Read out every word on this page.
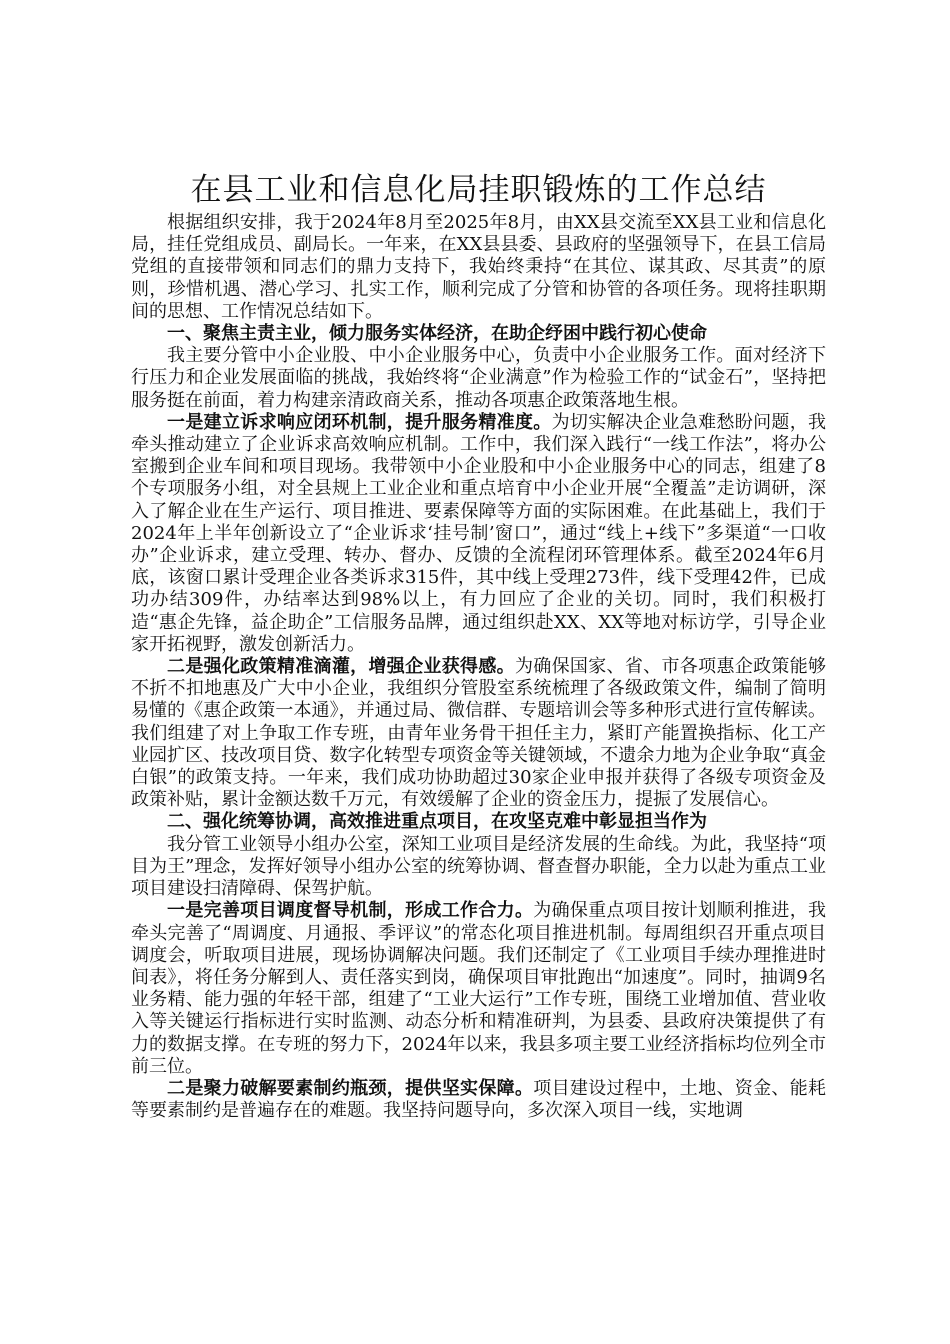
在县工业和信息化局挂职锻炼的工作总结

根据组织安排，我于2024年8月至2025年8月，由XX县交流至XX县工业和信息化局，挂任党组成员、副局长。一年来，在XX县县委、县政府的坚强领导下，在县工信局党组的直接带领和同志们的鼎力支持下，我始终秉持“在其位、谋其政、尽其责”的原则，珍惜机遇、潜心学习、扎实工作，顺利完成了分管和协管的各项任务。现将挂职期间的思想、工作情况总结如下。

一、聚焦主责主业，倾力服务实体经济，在助企纾困中践行初心使命

我主要分管中小企业股、中小企业服务中心，负责中小企业服务工作。面对经济下行压力和企业发展面临的挑战，我始终将“企业满意”作为检验工作的“试金石”，坚持把服务挺在前面，着力构建亲清政商关系，推动各项惠企政策落地生根。

一是建立诉求响应闭环机制，提升服务精准度。为切实解决企业急难愁盼问题，我牵头推动建立了企业诉求高效响应机制。工作中，我们深入践行“一线工作法”，将办公室搬到企业车间和项目现场。我带领中小企业股和中小企业服务中心的同志，组建了8个专项服务小组，对全县规上工业企业和重点培育中小企业开展“全覆盖”走访调研，深入了解企业在生产运行、项目推进、要素保障等方面的实际困难。在此基础上，我们于2024年上半年创新设立了“企业诉求‘挂号制’窗口”，通过“线上+线下”多渠道“一口收办”企业诉求，建立受理、转办、督办、反馈的全流程闭环管理体系。截至2024年6月底，该窗口累计受理企业各类诉求315件，其中线上受理273件，线下受理42件，已成功办结309件，办结率达到98%以上，有力回应了企业的关切。同时，我们积极打造“惠企先锋，益企助企”工信服务品牌，通过组织赴XX、XX等地对标访学，引导企业家开拓视野，激发创新活力。

二是强化政策精准滴灌，增强企业获得感。为确保国家、省、市各项惠企政策能够不折不扣地惠及广大中小企业，我组织分管股室系统梳理了各级政策文件，编制了简明易懂的《惠企政策一本通》，并通过局、微信群、专题培训会等多种形式进行宣传解读。我们组建了对上争取工作专班，由青年业务骨干担任主力，紧盯产能置换指标、化工产业园扩区、技改项目贷、数字化转型专项资金等关键领域，不遗余力地为企业争取“真金白银”的政策支持。一年来，我们成功协助超过30家企业申报并获得了各级专项资金及政策补贴，累计金额达数千万元，有效缓解了企业的资金压力，提振了发展信心。

二、强化统筹协调，高效推进重点项目，在攻坚克难中彰显担当作为

我分管工业领导小组办公室，深知工业项目是经济发展的生命线。为此，我坚持“项目为王”理念，发挥好领导小组办公室的统筹协调、督查督办职能，全力以赴为重点工业项目建设扫清障碍、保驾护航。

一是完善项目调度督导机制，形成工作合力。为确保重点项目按计划顺利推进，我牵头完善了“周调度、月通报、季评议”的常态化项目推进机制。每周组织召开重点项目调度会，听取项目进展，现场协调解决问题。我们还制定了《工业项目手续办理推进时间表》，将任务分解到人、责任落实到岗，确保项目审批跑出“加速度”。同时，抽调9名业务精、能力强的年轻干部，组建了“工业大运行”工作专班，围绕工业增加值、营业收入等关键运行指标进行实时监测、动态分析和精准研判，为县委、县政府决策提供了有力的数据支撑。在专班的努力下，2024年以来，我县多项主要工业经济指标均位列全市前三位。

二是聚力破解要素制约瓶颈，提供坚实保障。项目建设过程中，土地、资金、能耗等要素制约是普遍存在的难题。我坚持问题导向，多次深入项目一线，实地调
